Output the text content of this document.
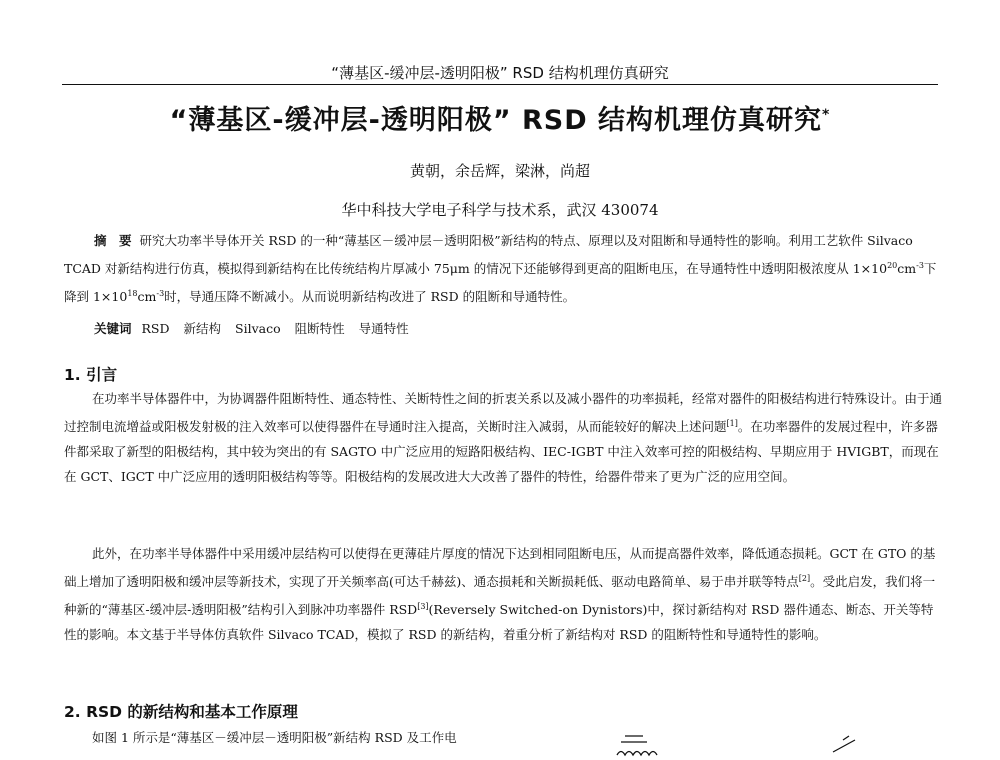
“薄基区-缓冲层-透明阳极” RSD 结构机理仿真研究
“薄基区-缓冲层-透明阳极” RSD 结构机理仿真研究*
黄朝，余岳辉，梁淋，尚超
华中科技大学电子科学与技术系，武汉 430074
摘　要 研究大功率半导体开关 RSD 的一种“薄基区－缓冲层－透明阳极”新结构的特点、原理以及对阻断和导通特性的影响。利用工艺软件 Silvaco TCAD 对新结构进行仿真，模拟得到新结构在比传统结构片厚减小 75μm 的情况下还能够得到更高的阻断电压，在导通特性中透明阳极浓度从 $1\times 10^{20}cm^{-3}$下降到 $1\times 10^{18}cm^{-3}$时，导通压降不断减小。从而说明新结构改进了 RSD 的阻断和导通特性。
关键词 RSD 新结构 Silvaco 阻断特性 导通特性
1. 引言
在功率半导体器件中，为协调器件阻断特性、通态特性、关断特性之间的折衷关系以及减小器件的功率损耗，经常对器件的阳极结构进行特殊设计。由于通过控制电流增益或阳极发射极的注入效率可以使得器件在导通时注入提高，关断时注入减弱，从而能较好的解决上述问题[1]。在功率器件的发展过程中，许多器件都采取了新型的阳极结构，其中较为突出的有 SAGTO 中广泛应用的短路阳极结构、IEC-IGBT 中注入效率可控的阳极结构、早期应用于 HVIGBT，而现在在 GCT、IGCT 中广泛应用的透明阳极结构等等。阳极结构的发展改进大大改善了器件的特性，给器件带来了更为广泛的应用空间。
此外，在功率半导体器件中采用缓冲层结构可以使得在更薄硅片厚度的情况下达到相同阻断电压，从而提高器件效率，降低通态损耗。GCT 在 GTO 的基础上增加了透明阳极和缓冲层等新技术，实现了开关频率高(可达千赫兹)、通态损耗和关断损耗低、驱动电路简单、易于串并联等特点[2]。受此启发，我们将一种新的“薄基区-缓冲层-透明阳极”结构引入到脉冲功率器件 RSD[3](Reversely Switched-on Dynistors)中，探讨新结构对 RSD 器件通态、断态、开关等特性的影响。本文基于半导体仿真软件 Silvaco TCAD，模拟了 RSD 的新结构，着重分析了新结构对 RSD 的阻断特性和导通特性的影响。
2. RSD 的新结构和基本工作原理
如图 1 所示是“薄基区－缓冲层－透明阳极”新结构 RSD 及工作电
